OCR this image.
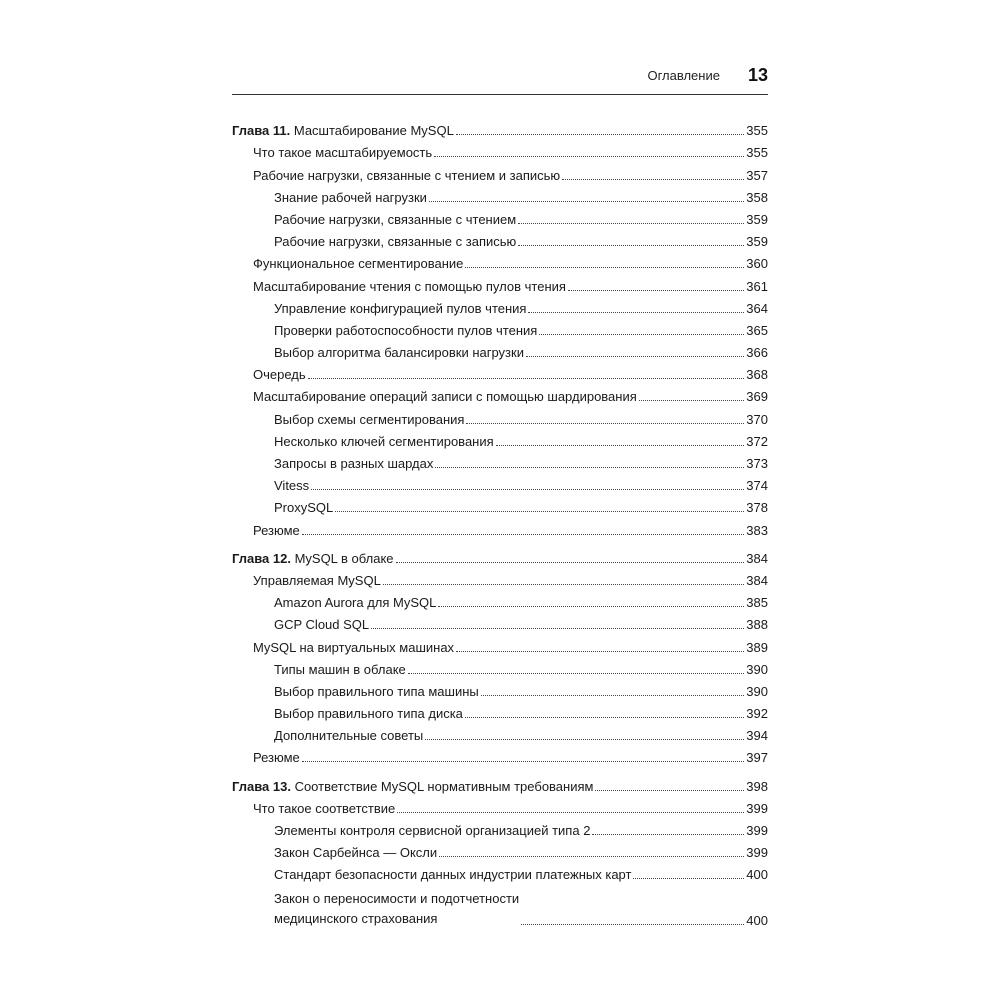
Оглавление 13
Глава 11. Масштабирование MySQL	355
Что такое масштабируемость	355
Рабочие нагрузки, связанные с чтением и записью	357
Знание рабочей нагрузки	358
Рабочие нагрузки, связанные с чтением	359
Рабочие нагрузки, связанные с записью	359
Функциональное сегментирование	360
Масштабирование чтения с помощью пулов чтения	361
Управление конфигурацией пулов чтения	364
Проверки работоспособности пулов чтения	365
Выбор алгоритма балансировки нагрузки	366
Очередь	368
Масштабирование операций записи с помощью шардирования	369
Выбор схемы сегментирования	370
Несколько ключей сегментирования	372
Запросы в разных шардах	373
Vitess	374
ProxySQL	378
Резюме	383
Глава 12. MySQL в облаке	384
Управляемая MySQL	384
Amazon Aurora для MySQL	385
GCP Cloud SQL	388
MySQL на виртуальных машинах	389
Типы машин в облаке	390
Выбор правильного типа машины	390
Выбор правильного типа диска	392
Дополнительные советы	394
Резюме	397
Глава 13. Соответствие MySQL нормативным требованиям	398
Что такое соответствие	399
Элементы контроля сервисной организацией типа 2	399
Закон Сарбейнса — Оксли	399
Стандарт безопасности данных индустрии платежных карт	400
Закон о переносимости и подотчетности
медицинского страхования	400
